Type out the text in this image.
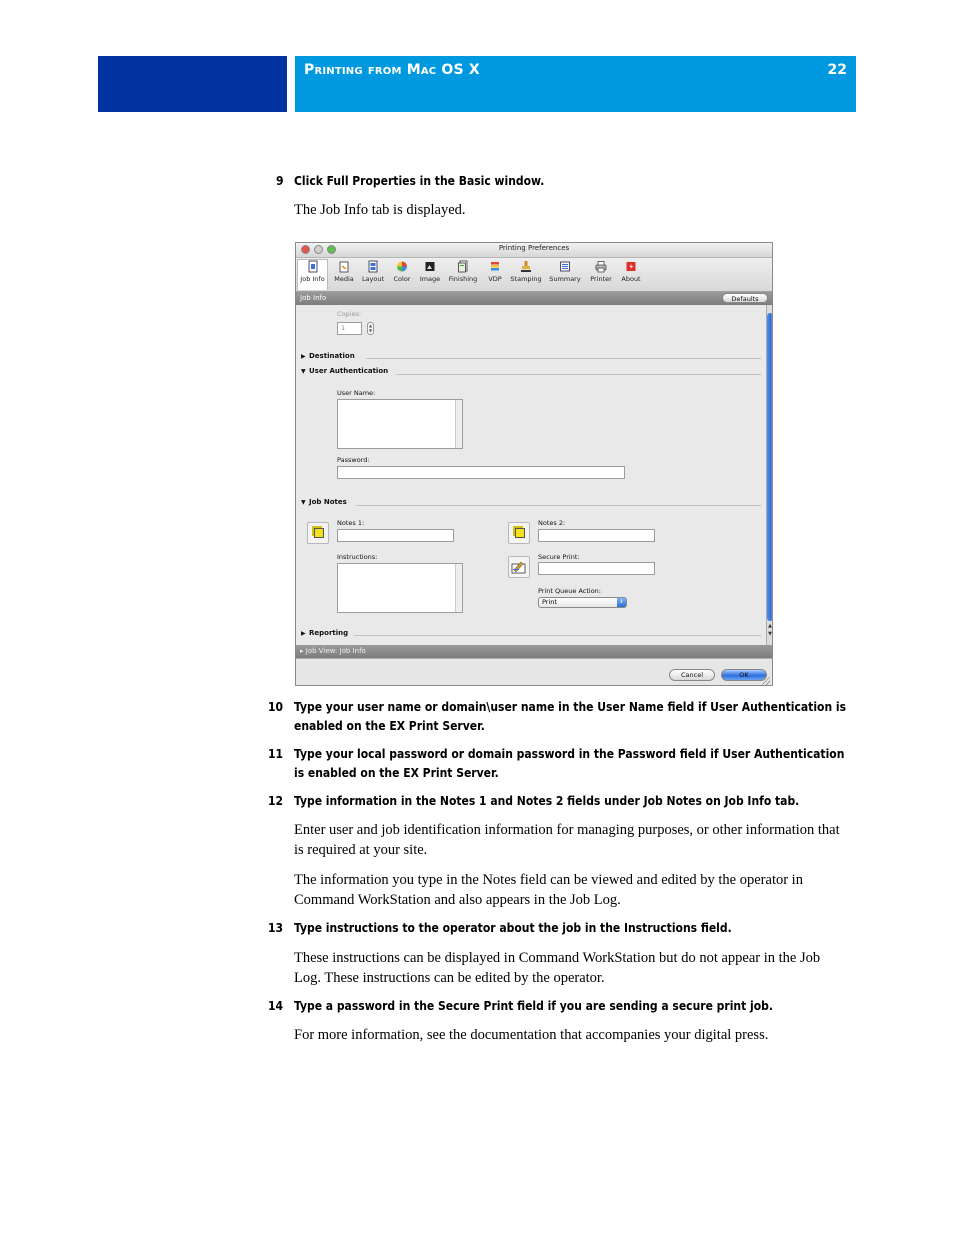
Printing from Mac OS X	22
9 Click Full Properties in the Basic window.
The Job Info tab is displayed.
Printing Preferences
Job Info	Media	Layout	Color	Image	Finishing	VDP	Stamping	Summary	Printer	About
Job Info	Defaults
Copies:
1	▲
▼
▶ Destination
▼ User Authentication
User Name:
Password:
▼ Job Notes
Notes 1:	Notes 2:
Instructions:	Secure Print:
Print Queue Action:
Print	⇕
▶ Reporting
▲
▼
▸ Job View: Job Info
Cancel	OK
10 Type your user name or domain\user name in the User Name field if User Authentication is enabled on the EX Print Server.
11 Type your local password or domain password in the Password field if User Authentication is enabled on the EX Print Server.
12 Type information in the Notes 1 and Notes 2 fields under Job Notes on Job Info tab.
Enter user and job identification information for managing purposes, or other information that is required at your site.
The information you type in the Notes field can be viewed and edited by the operator in Command WorkStation and also appears in the Job Log.
13 Type instructions to the operator about the job in the Instructions field.
These instructions can be displayed in Command WorkStation but do not appear in the Job Log. These instructions can be edited by the operator.
14 Type a password in the Secure Print field if you are sending a secure print job.
For more information, see the documentation that accompanies your digital press.
